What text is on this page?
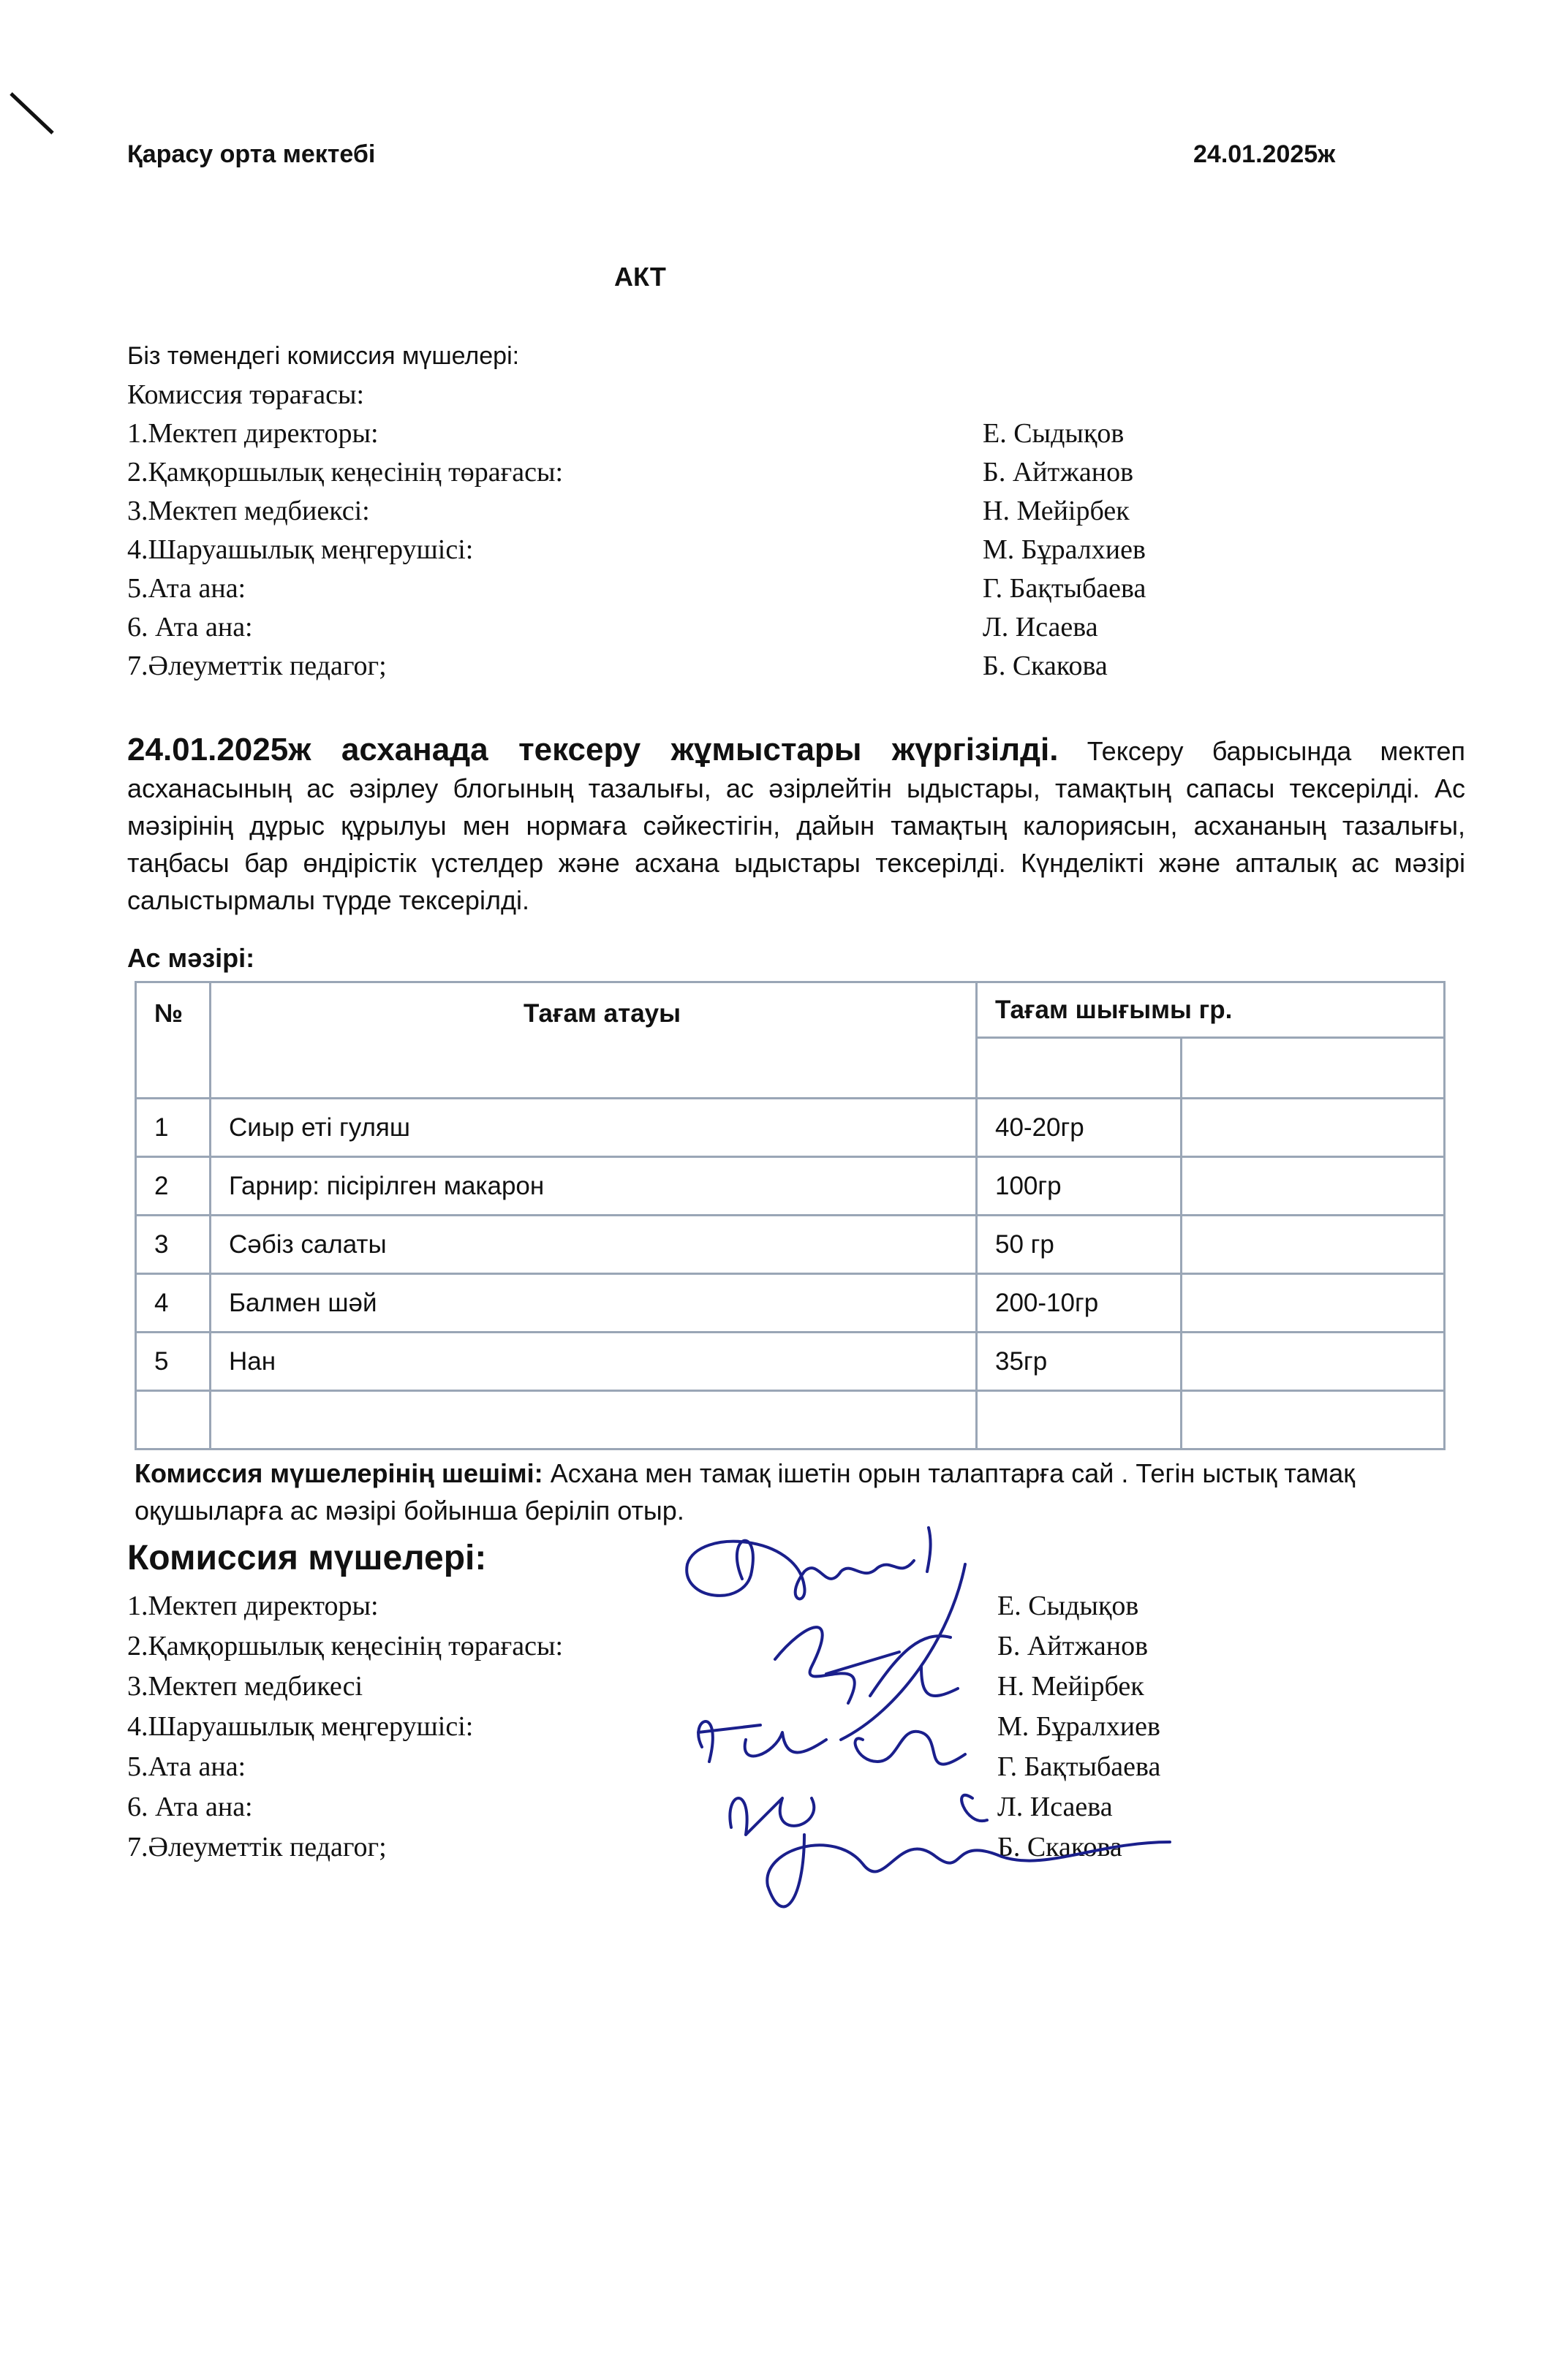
Қарасу орта мектебі	24.01.2025ж
АКТ
Біз төмендегі комиссия мүшелері:
Комиссия төрағасы:
1.Мектеп директоры:	Е. Сыдықов
2.Қамқоршылық кеңесінің төрағасы:	Б. Айтжанов
3.Мектеп медбиексі:	Н. Мейірбек
4.Шаруашылық меңгерушісі:	М. Бұралхиев
5.Ата ана:	Г. Бақтыбаева
6. Ата ана:	Л. Исаева
7.Әлеуметтік педагог;	Б. Скакова
24.01.2025ж асханада тексеру жұмыстары жүргізілді. Тексеру барысында мектеп асханасының ас әзірлеу блогының тазалығы, ас әзірлейтін ыдыстары, тамақтың сапасы тексерілді. Ас мәзірінің дұрыс құрылуы мен нормаға сәйкестігін, дайын тамақтың калориясын, асхананың тазалығы, таңбасы бар өндірістік үстелдер және асхана ыдыстары тексерілді. Күнделікті және апталық ас мәзірі салыстырмалы түрде тексерілді.
Ас мәзірі:
№	Тағам атауы	Тағам шығымы гр.	

1	Сиыр еті гуляш	40-20гр	
2	Гарнир: пісірілген макарон	100гр	
3	Сәбіз салаты	50 гр	
4	Балмен шәй	200-10гр	
5	Нан	35гр	

Комиссия мүшелерінің шешімі: Асхана мен тамақ ішетін орын талаптарға сай . Тегін ыстық тамақ оқушыларға ас мәзірі бойынша беріліп отыр.
Комиссия мүшелері:
1.Мектеп директоры:	Е. Сыдықов
2.Қамқоршылық кеңесінің төрағасы:	Б. Айтжанов
3.Мектеп медбикесі	Н. Мейірбек
4.Шаруашылық меңгерушісі:	М. Бұралхиев
5.Ата ана:	Г. Бақтыбаева
6. Ата ана:	Л. Исаева
7.Әлеуметтік педагог;	Б. Скакова
